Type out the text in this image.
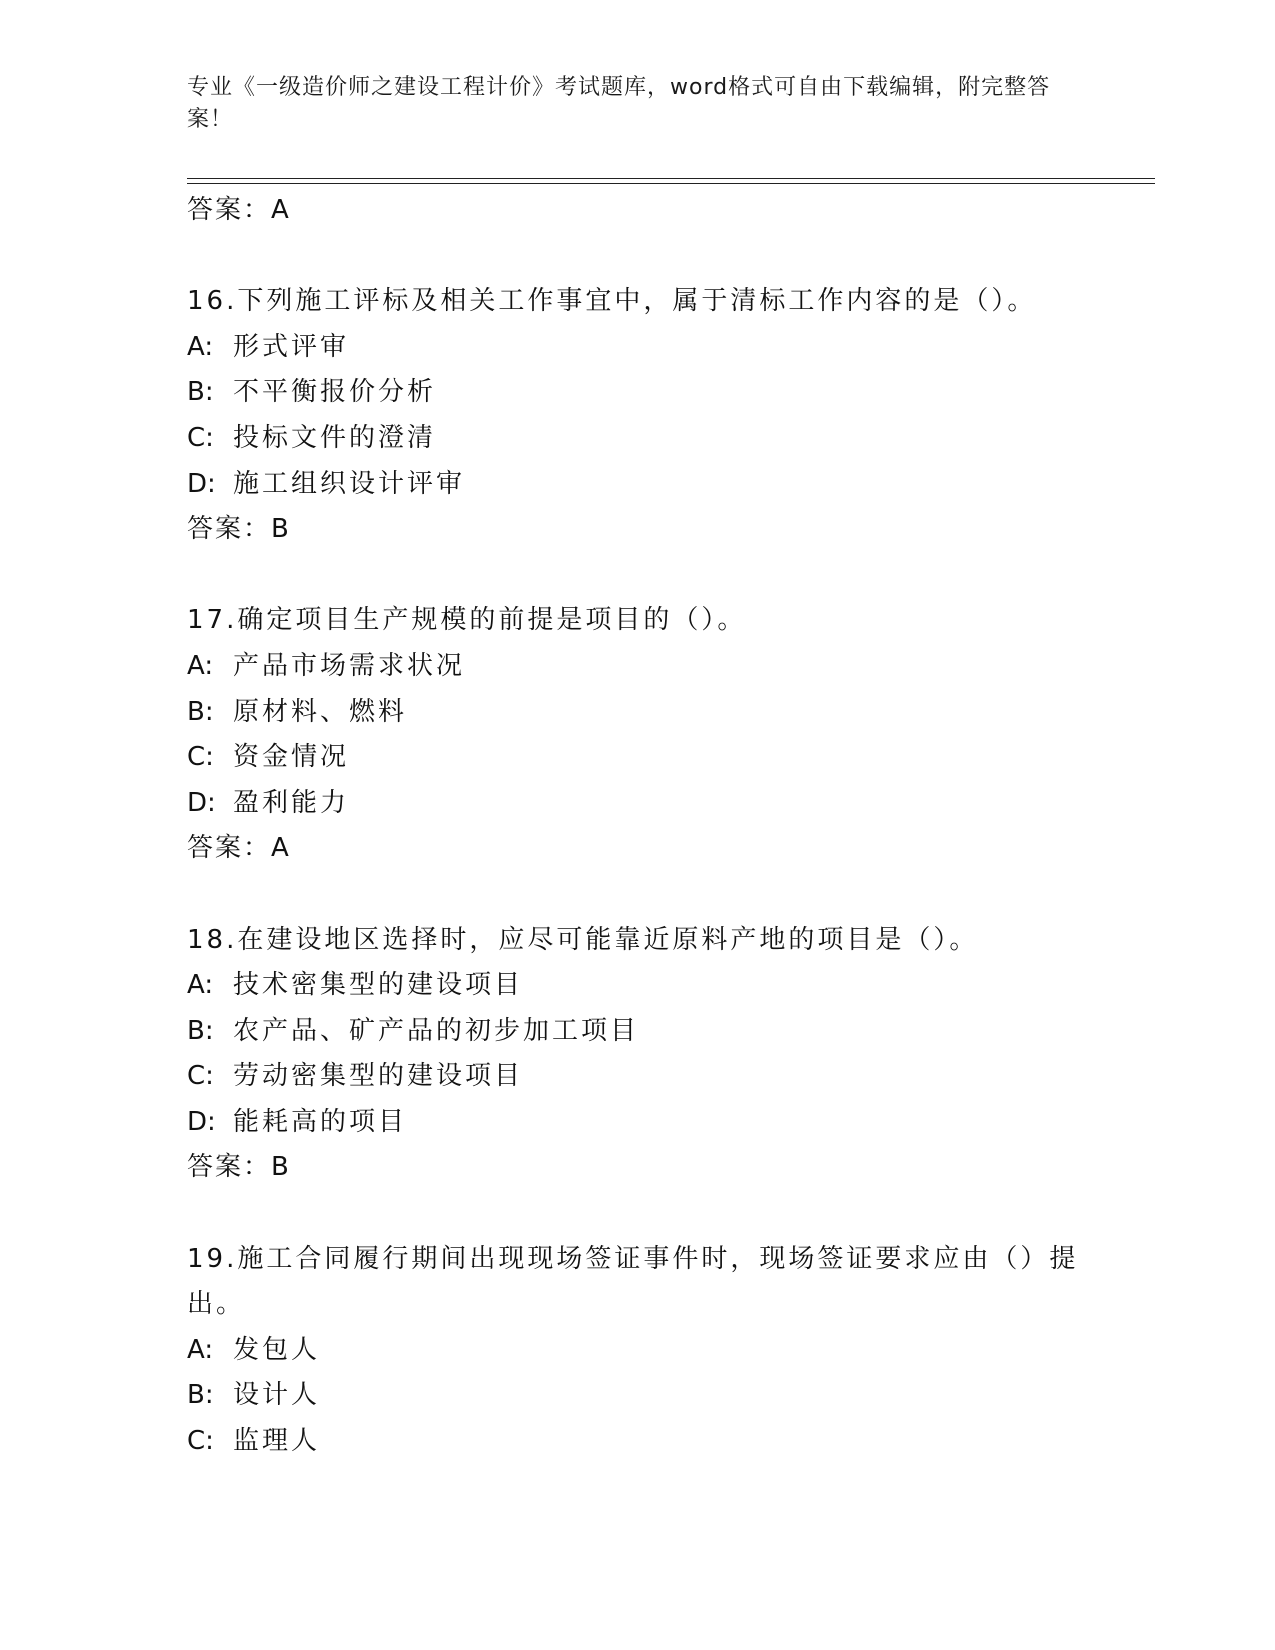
专业《一级造价师之建设工程计价》考试题库，word格式可自由下载编辑，附完整答案！
答案：A
16.下列施工评标及相关工作事宜中，属于清标工作内容的是（）。
A: 形式评审
B: 不平衡报价分析
C: 投标文件的澄清
D: 施工组织设计评审
答案：B
17.确定项目生产规模的前提是项目的（）。
A: 产品市场需求状况
B: 原材料、燃料
C: 资金情况
D: 盈利能力
答案：A
18.在建设地区选择时，应尽可能靠近原料产地的项目是（）。
A: 技术密集型的建设项目
B: 农产品、矿产品的初步加工项目
C: 劳动密集型的建设项目
D: 能耗高的项目
答案：B
19.施工合同履行期间出现现场签证事件时，现场签证要求应由（）提出。
A: 发包人
B: 设计人
C: 监理人
